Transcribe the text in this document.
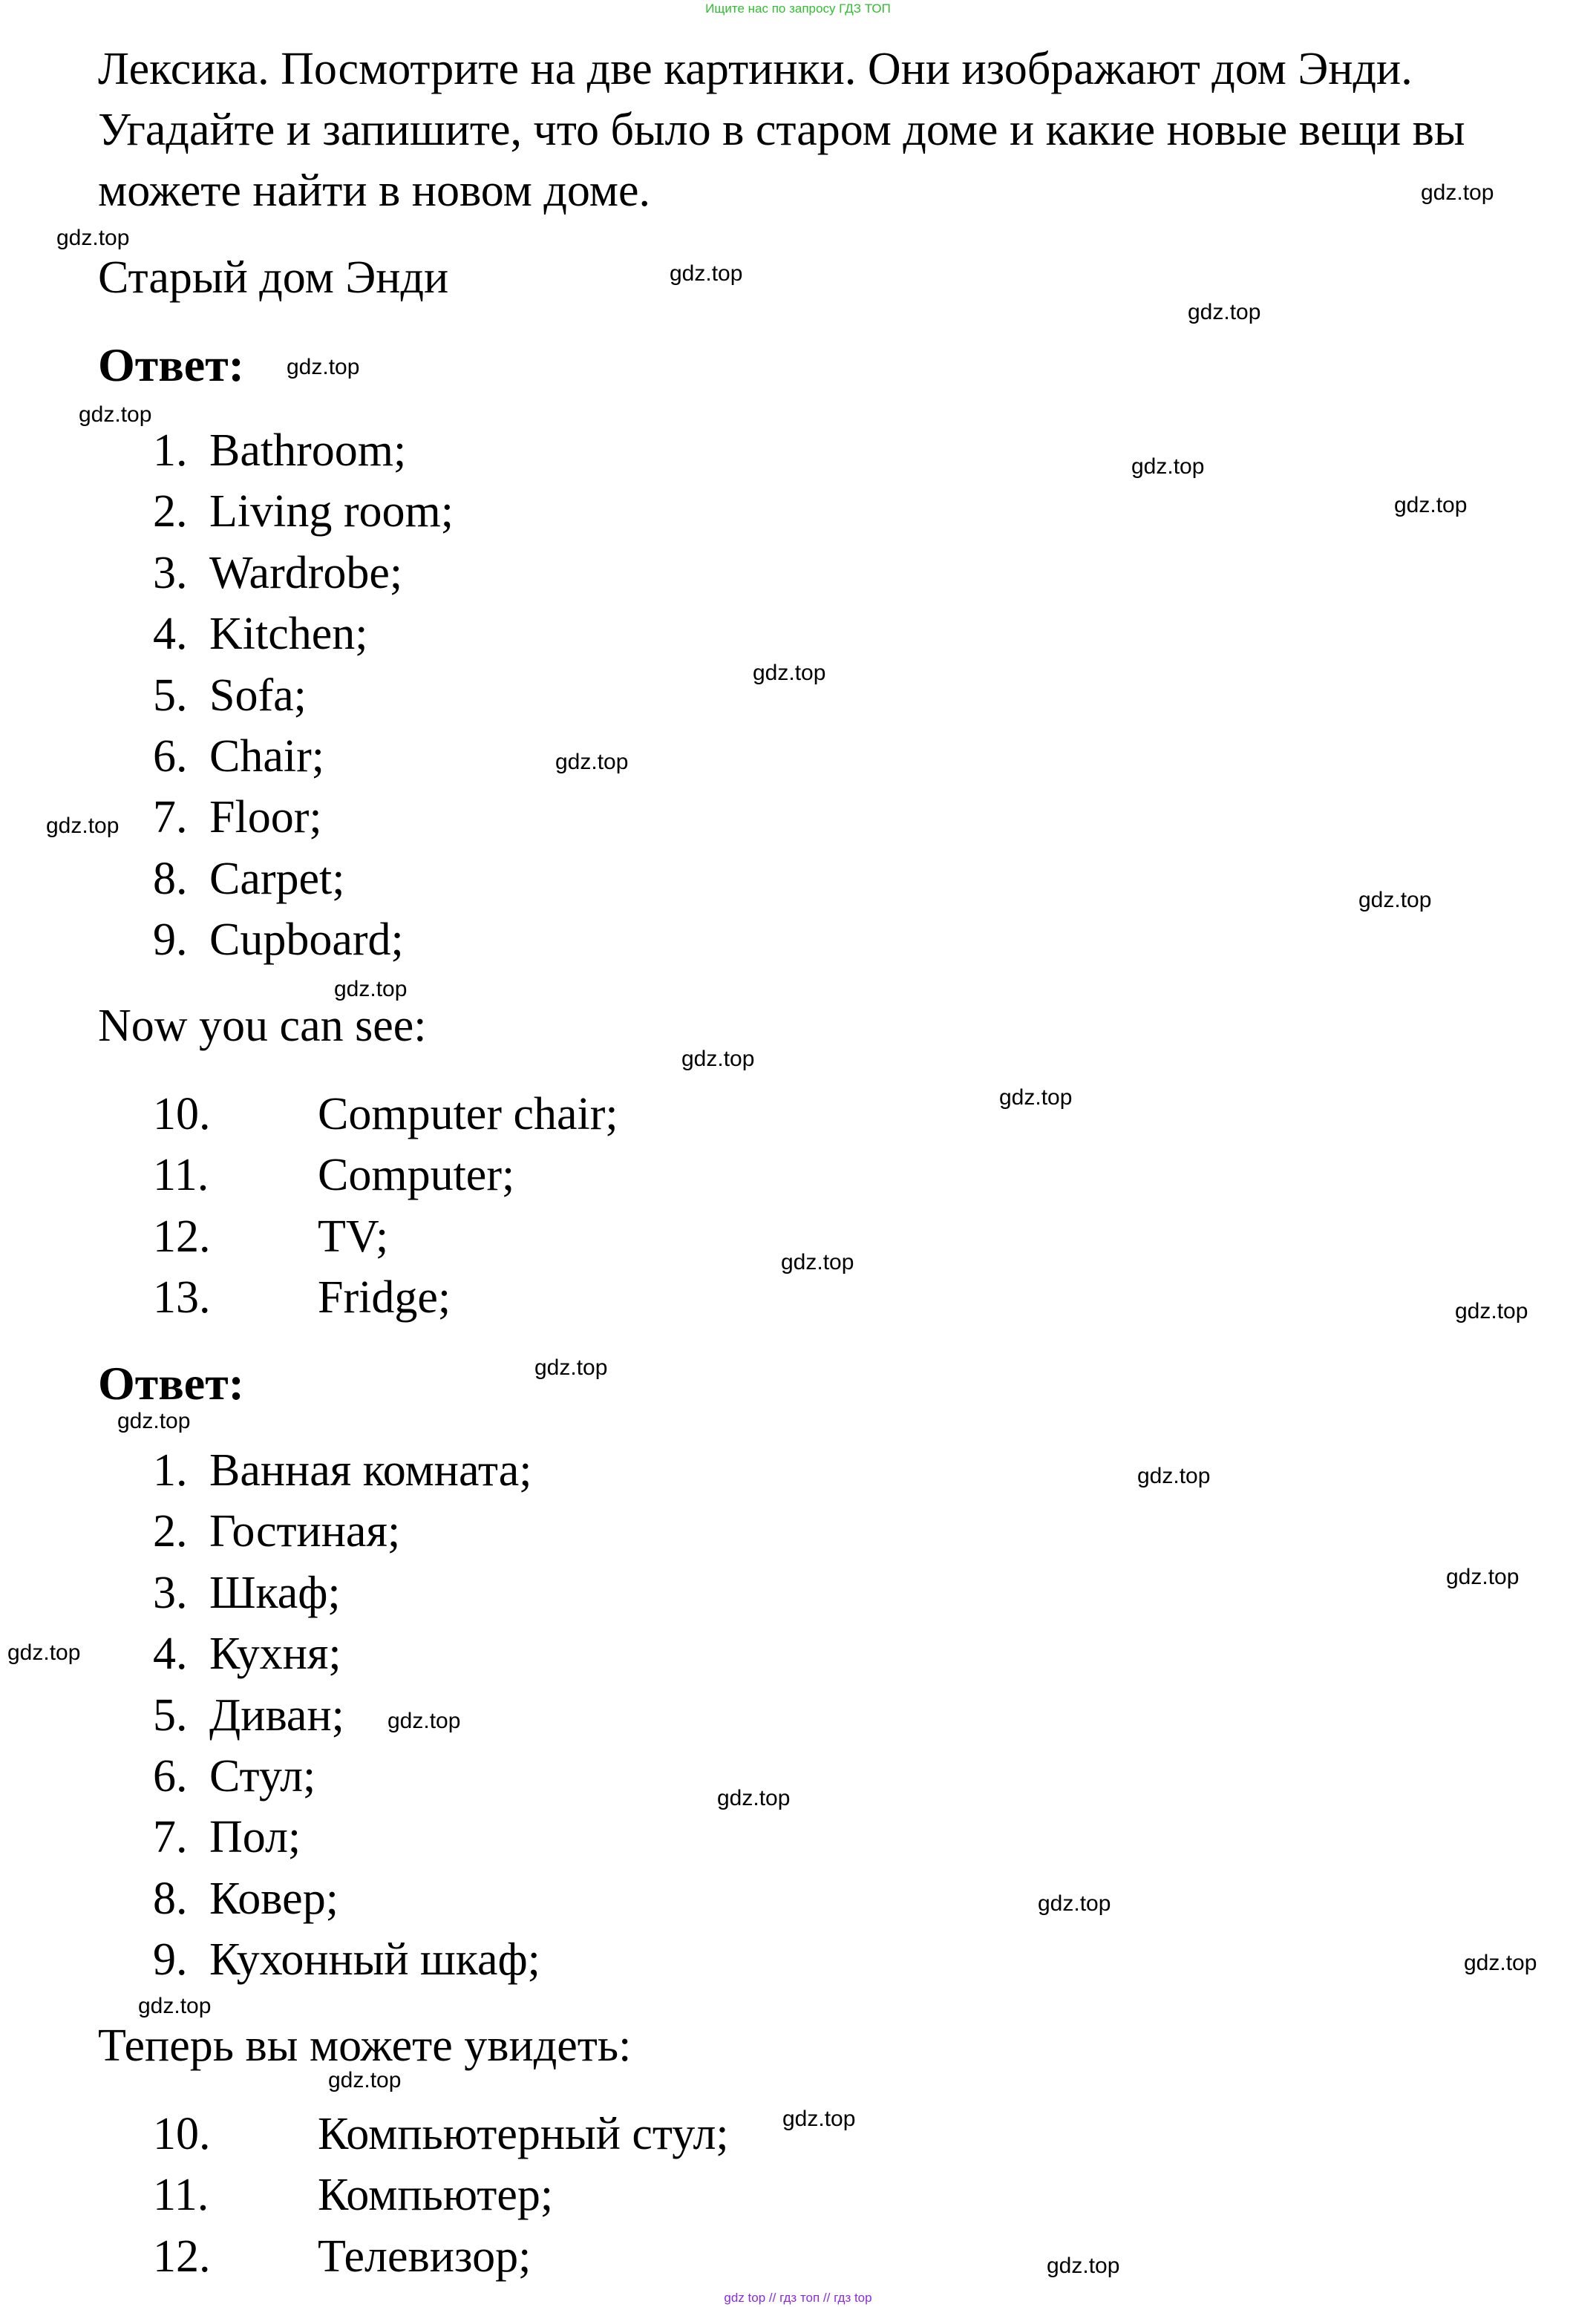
Ищите нас по запросу ГДЗ ТОП

Лексика. Посмотрите на две картинки. Они изображают дом Энди. Угадайте и запишите, что было в старом доме и какие новые вещи вы можете найти в новом доме.

Старый дом Энди

Ответ:

1. Bathroom;
2. Living room;
3. Wardrobe;
4. Kitchen;
5. Sofa;
6. Chair;
7. Floor;
8. Carpet;
9. Cupboard;

Now you can see:

10. Computer chair;
11. Computer;
12. TV;
13. Fridge;

Ответ:

1. Ванная комната;
2. Гостиная;
3. Шкаф;
4. Кухня;
5. Диван;
6. Стул;
7. Пол;
8. Ковер;
9. Кухонный шкаф;

Теперь вы можете увидеть:

10. Компьютерный стул;
11. Компьютер;
12. Телевизор;
gdz.top
gdz.top
gdz.top
gdz.top
gdz.top
gdz.top
gdz.top
gdz.top
gdz.top
gdz.top
gdz.top
gdz.top
gdz.top
gdz.top
gdz.top
gdz.top
gdz.top
gdz.top
gdz.top
gdz.top
gdz.top
gdz.top
gdz.top
gdz.top
gdz.top
gdz.top
gdz.top
gdz.top
gdz.top
gdz.top
gdz top // гдз топ // гдз top
